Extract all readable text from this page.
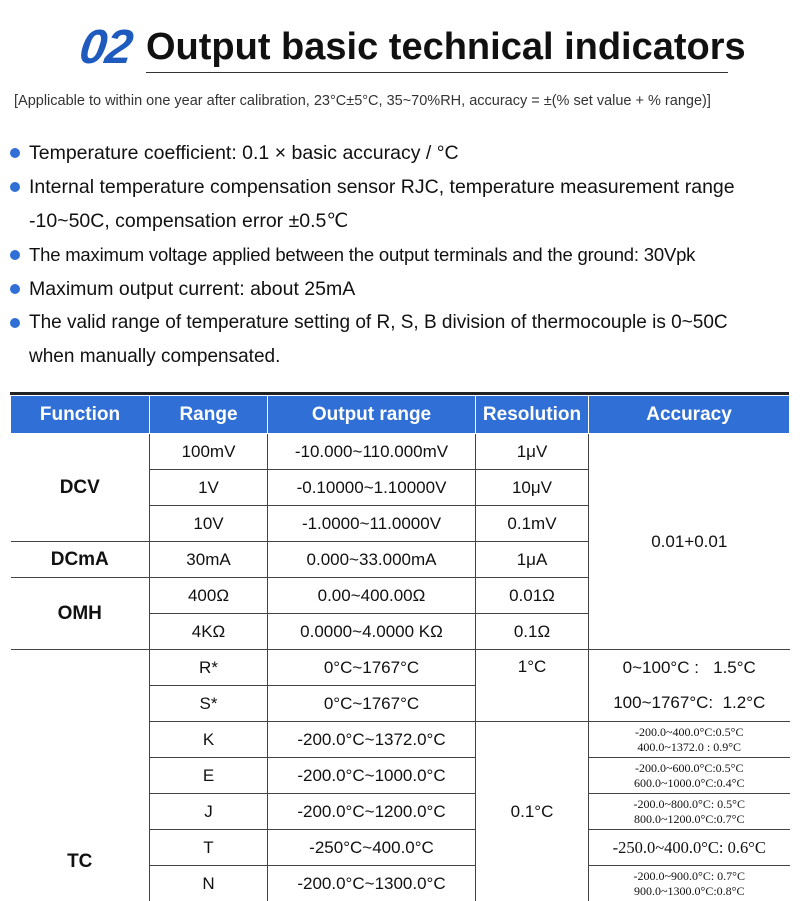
02 Output basic technical indicators
[Applicable to within one year after calibration, 23°C±5°C, 35~70%RH, accuracy = ±(% set value + % range)]
Temperature coefficient: 0.1 × basic accuracy / °C
Internal temperature compensation sensor RJC, temperature measurement range
-10~50C, compensation error ±0.5℃
The maximum voltage applied between the output terminals and the ground: 30Vpk
Maximum output current: about 25mA
The valid range of temperature setting of R, S, B division of thermocouple is 0~50C
when manually compensated.
Function	Range	Output range	Resolution	Accuracy
DCV	100mV	-10.000~110.000mV	1μV	0.01+0.01
	1V	-0.10000~1.10000V	10μV	
	10V	-1.0000~11.0000V	0.1mV	
DCmA	30mA	0.000~33.000mA	1μA	
OMH	400Ω	0.00~400.00Ω	0.01Ω	
	4KΩ	0.0000~4.0000 KΩ	0.1Ω	
TC	R*	0°C~1767°C	1°C	0~100°C :   1.5°C
	S*	0°C~1767°C		100~1767°C:  1.2°C
	K	-200.0°C~1372.0°C	0.1°C	-200.0~400.0°C:0.5°C
400.0~1372.0 : 0.9°C

	E	-200.0°C~1000.0°C		-200.0~600.0°C:0.5°C
600.0~1000.0°C:0.4°C

	J	-200.0°C~1200.0°C		-200.0~800.0°C: 0.5°C
800.0~1200.0°C:0.7°C

	T	-250°C~400.0°C		-250.0~400.0°C: 0.6°C
	N	-200.0°C~1300.0°C		-200.0~900.0°C: 0.7°C
900.0~1300.0°C:0.8°C
